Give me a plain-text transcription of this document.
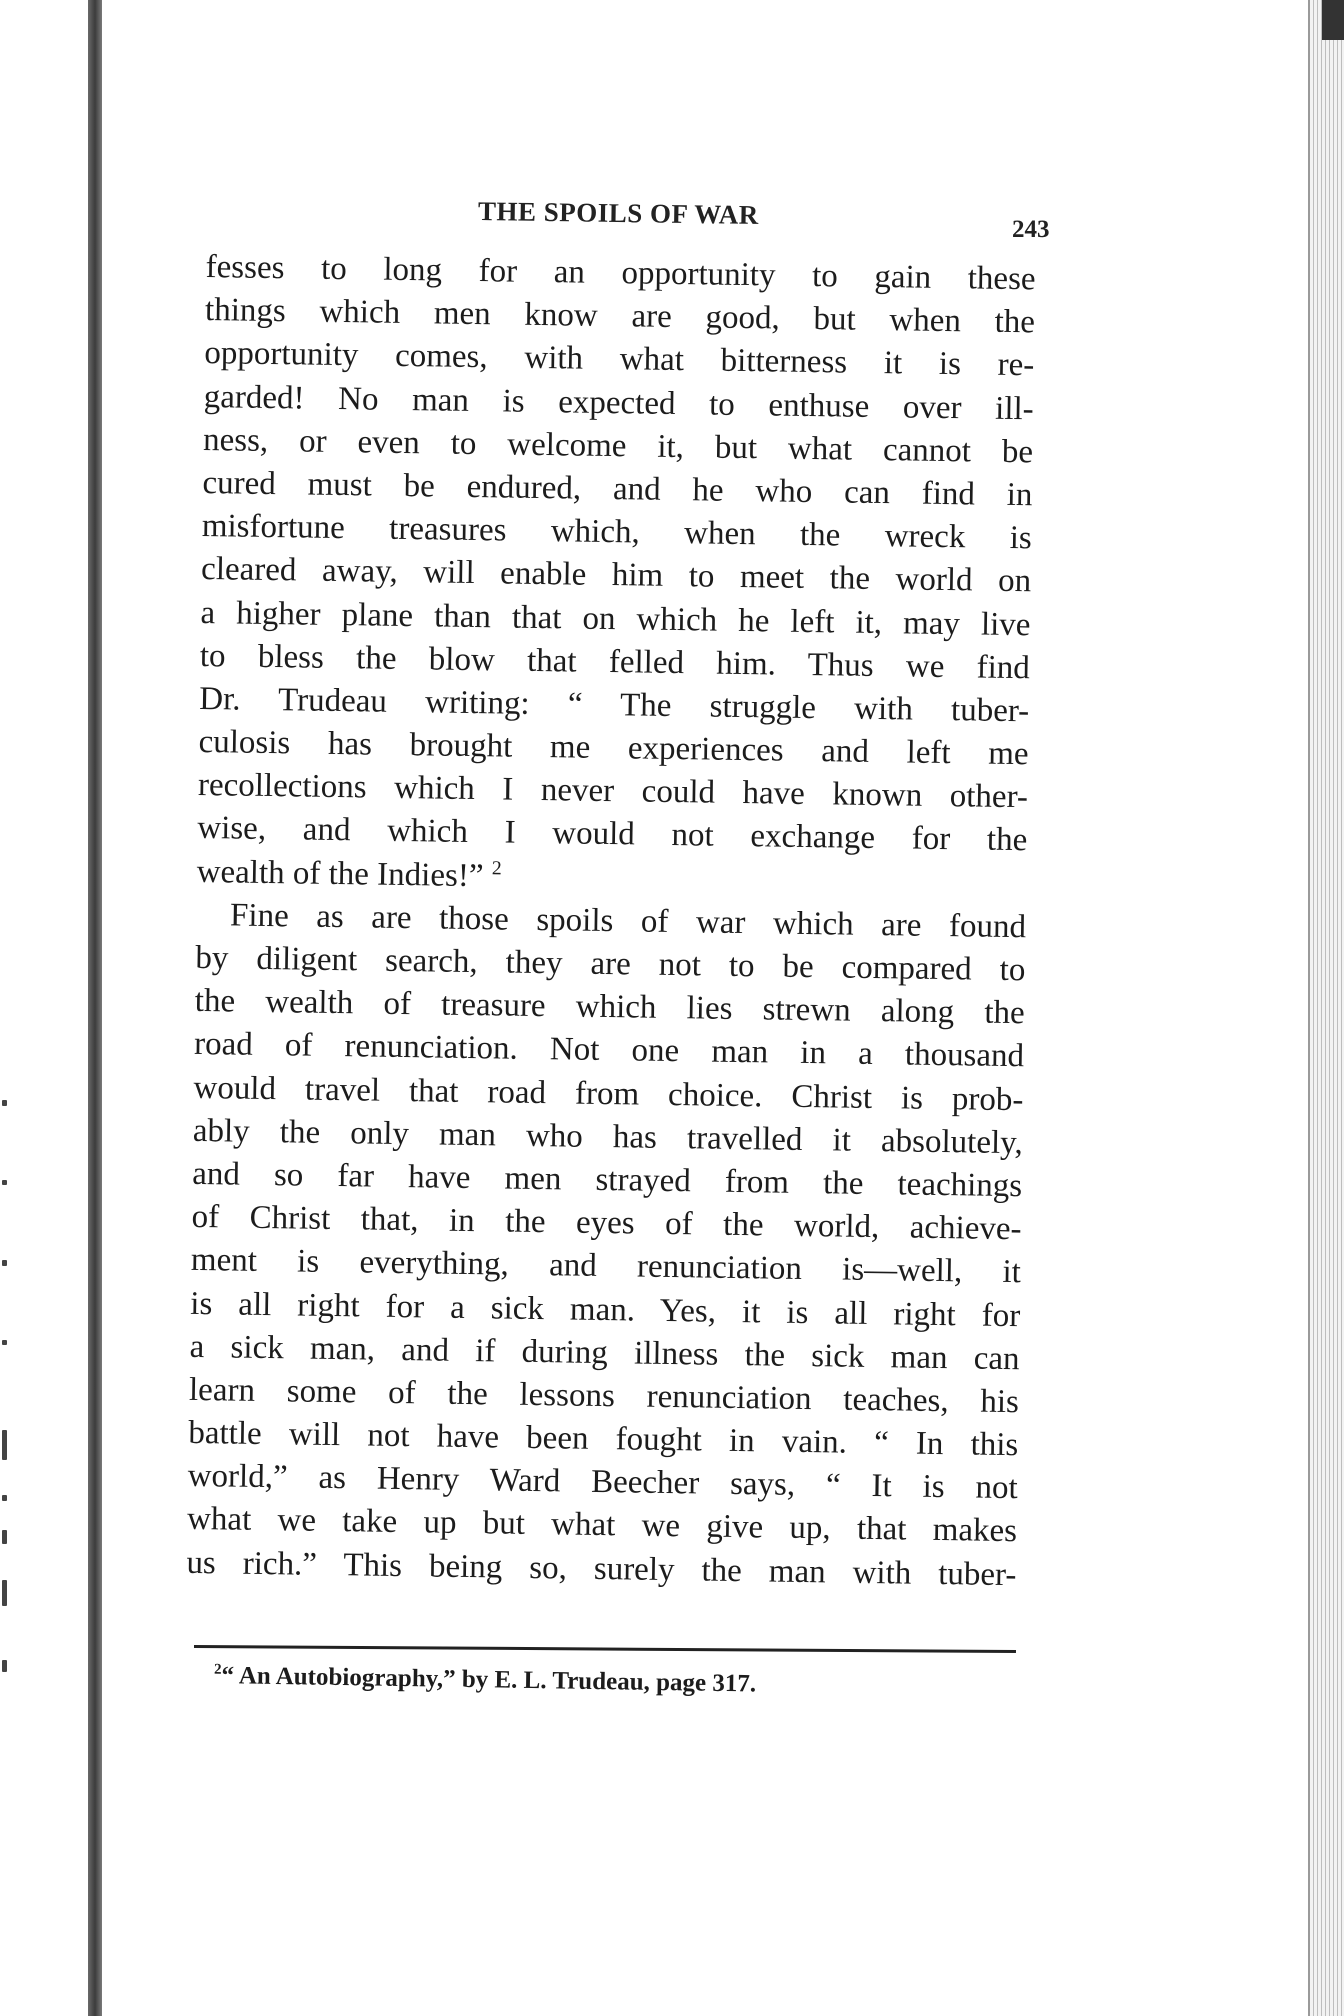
THE SPOILS OF WAR	243
fesses to long for an opportunity to gain these
things which men know are good, but when the
opportunity comes, with what bitterness it is re-
garded! No man is expected to enthuse over ill-
ness, or even to welcome it, but what cannot be
cured must be endured, and he who can find in
misfortune treasures which, when the wreck is
cleared away, will enable him to meet the world on
a higher plane than that on which he left it, may live
to bless the blow that felled him. Thus we find
Dr. Trudeau writing: “ The struggle with tuber-
culosis has brought me experiences and left me
recollections which I never could have known other-
wise, and which I would not exchange for the
wealth of the Indies!” $^2$
Fine as are those spoils of war which are found
by diligent search, they are not to be compared to
the wealth of treasure which lies strewn along the
road of renunciation. Not one man in a thousand
would travel that road from choice. Christ is prob-
ably the only man who has travelled it absolutely,
and so far have men strayed from the teachings
of Christ that, in the eyes of the world, achieve-
ment is everything, and renunciation is—well, it
is all right for a sick man. Yes, it is all right for
a sick man, and if during illness the sick man can
learn some of the lessons renunciation teaches, his
battle will not have been fought in vain. “ In this
world,” as Henry Ward Beecher says, “ It is not
what we take up but what we give up, that makes
us rich.” This being so, surely the man with tuber-
$^2$“ An Autobiography,” by E. L. Trudeau, page 317.
